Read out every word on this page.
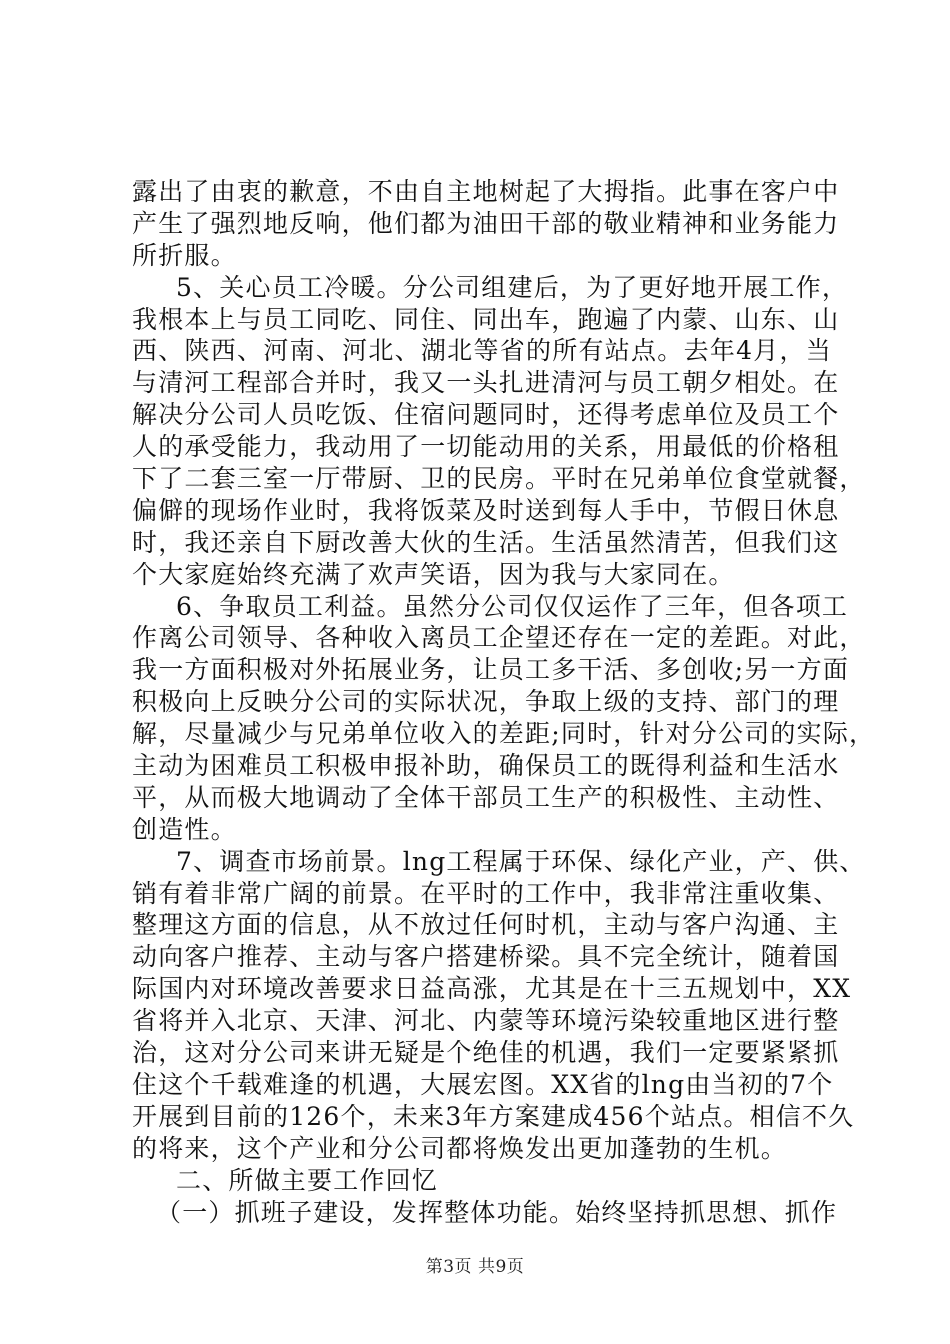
露出了由衷的歉意，不由自主地树起了大拇指。此事在客户中
产生了强烈地反响，他们都为油田干部的敬业精神和业务能力
所折服。
5、关心员工冷暖。分公司组建后，为了更好地开展工作，
我根本上与员工同吃、同住、同出车，跑遍了内蒙、山东、山
西、陕西、河南、河北、湖北等省的所有站点。去年4月，当
与清河工程部合并时，我又一头扎进清河与员工朝夕相处。在
解决分公司人员吃饭、住宿问题同时，还得考虑单位及员工个
人的承受能力，我动用了一切能动用的关系，用最低的价格租
下了二套三室一厅带厨、卫的民房。平时在兄弟单位食堂就餐，
偏僻的现场作业时，我将饭菜及时送到每人手中，节假日休息
时，我还亲自下厨改善大伙的生活。生活虽然清苦，但我们这
个大家庭始终充满了欢声笑语，因为我与大家同在。
6、争取员工利益。虽然分公司仅仅运作了三年，但各项工
作离公司领导、各种收入离员工企望还存在一定的差距。对此，
我一方面积极对外拓展业务，让员工多干活、多创收;另一方面
积极向上反映分公司的实际状况，争取上级的支持、部门的理
解，尽量减少与兄弟单位收入的差距;同时，针对分公司的实际，
主动为困难员工积极申报补助，确保员工的既得利益和生活水
平，从而极大地调动了全体干部员工生产的积极性、主动性、
创造性。
7、调查市场前景。lng工程属于环保、绿化产业，产、供、
销有着非常广阔的前景。在平时的工作中，我非常注重收集、
整理这方面的信息，从不放过任何时机，主动与客户沟通、主
动向客户推荐、主动与客户搭建桥梁。具不完全统计，随着国
际国内对环境改善要求日益高涨，尤其是在十三五规划中，XX
省将并入北京、天津、河北、内蒙等环境污染较重地区进行整
治，这对分公司来讲无疑是个绝佳的机遇，我们一定要紧紧抓
住这个千载难逢的机遇，大展宏图。XX省的lng由当初的7个
开展到目前的126个，未来3年方案建成456个站点。相信不久
的将来，这个产业和分公司都将焕发出更加蓬勃的生机。
二、所做主要工作回忆
（一）抓班子建设，发挥整体功能。始终坚持抓思想、抓作
第3页 共9页
